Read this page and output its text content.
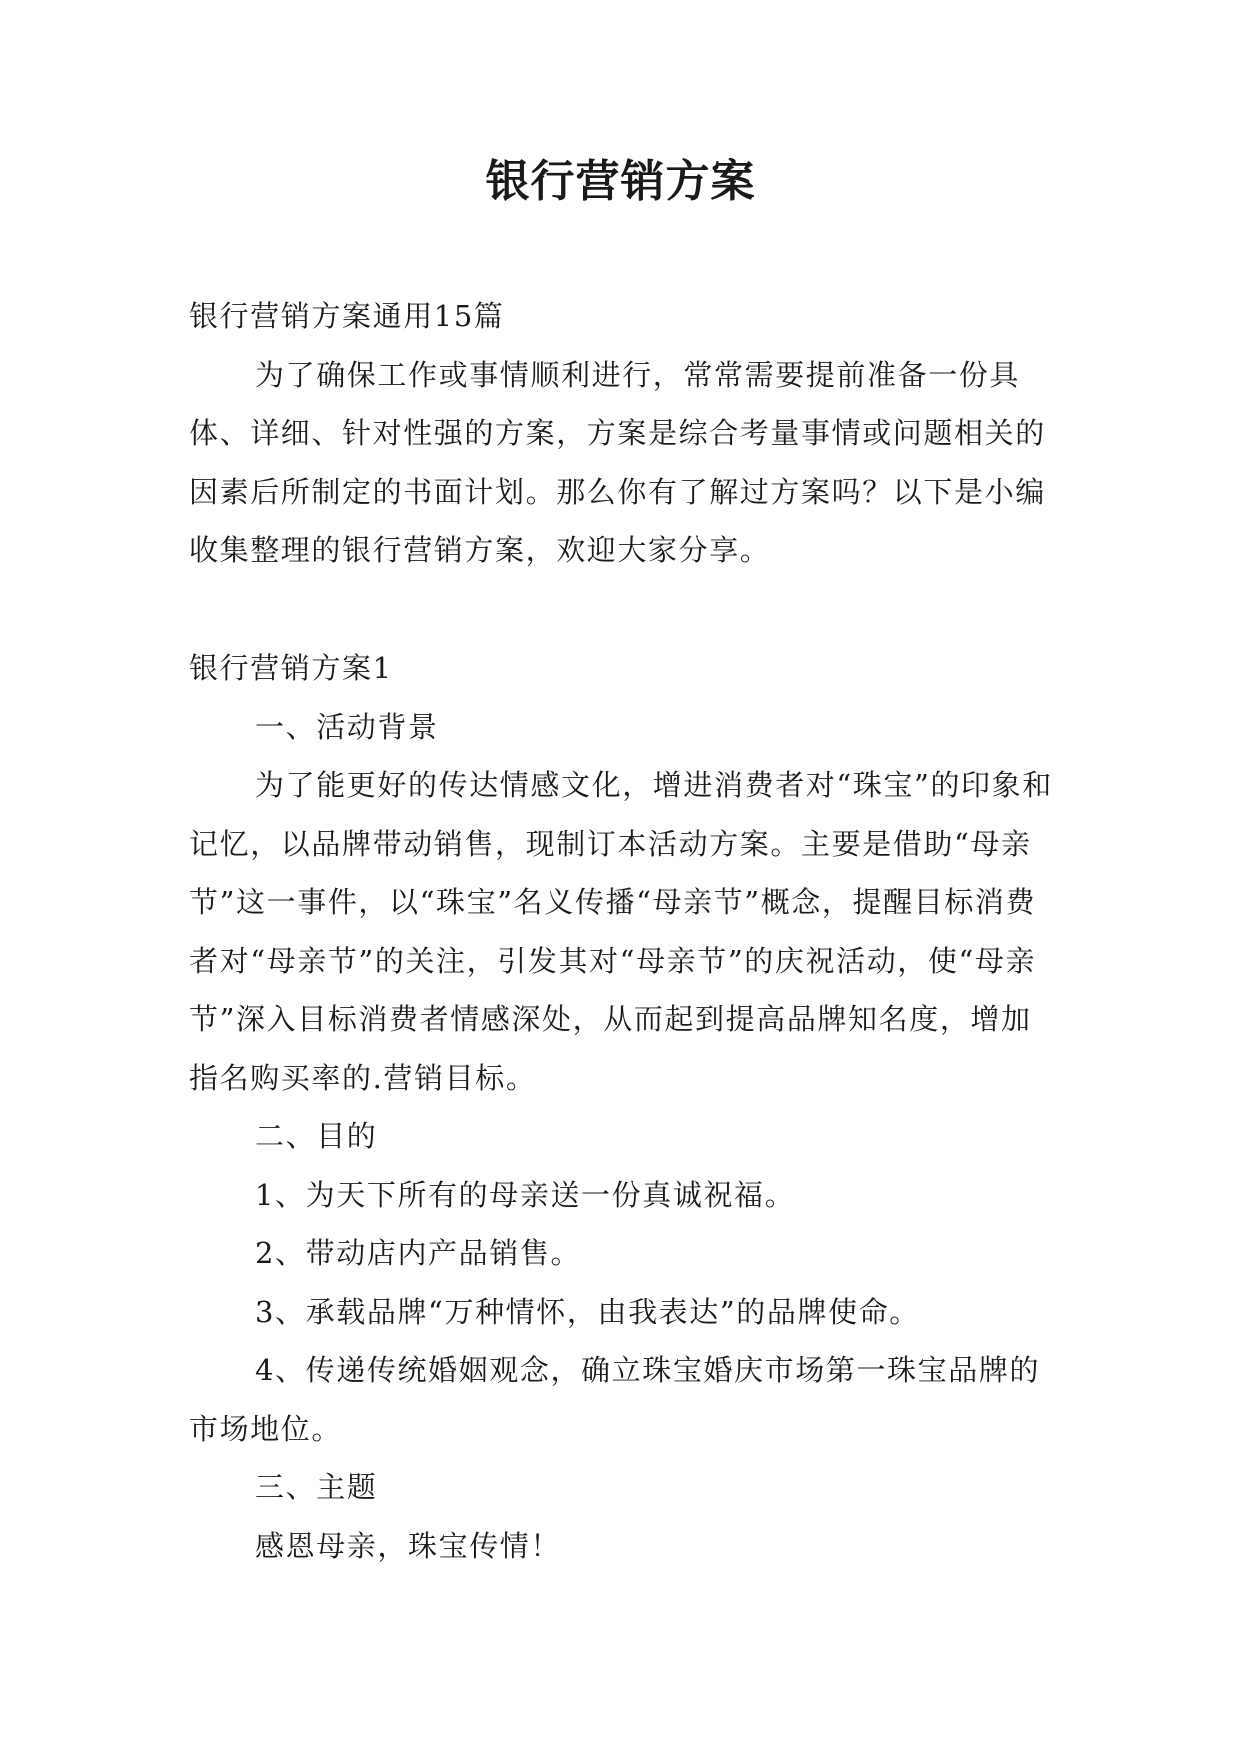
银行营销方案

银行营销方案通用15篇

为了确保工作或事情顺利进行，常常需要提前准备一份具体、详细、针对性强的方案，方案是综合考量事情或问题相关的因素后所制定的书面计划。那么你有了解过方案吗？以下是小编收集整理的银行营销方案，欢迎大家分享。

银行营销方案1

一、活动背景

为了能更好的传达情感文化，增进消费者对“珠宝”的印象和记忆，以品牌带动销售，现制订本活动方案。主要是借助“母亲节”这一事件，以“珠宝”名义传播“母亲节”概念，提醒目标消费者对“母亲节”的关注，引发其对“母亲节”的庆祝活动，使“母亲节”深入目标消费者情感深处，从而起到提高品牌知名度，增加指名购买率的.营销目标。

二、目的

1、为天下所有的母亲送一份真诚祝福。

2、带动店内产品销售。

3、承载品牌“万种情怀，由我表达”的品牌使命。

4、传递传统婚姻观念，确立珠宝婚庆市场第一珠宝品牌的市场地位。

三、主题

感恩母亲，珠宝传情！
